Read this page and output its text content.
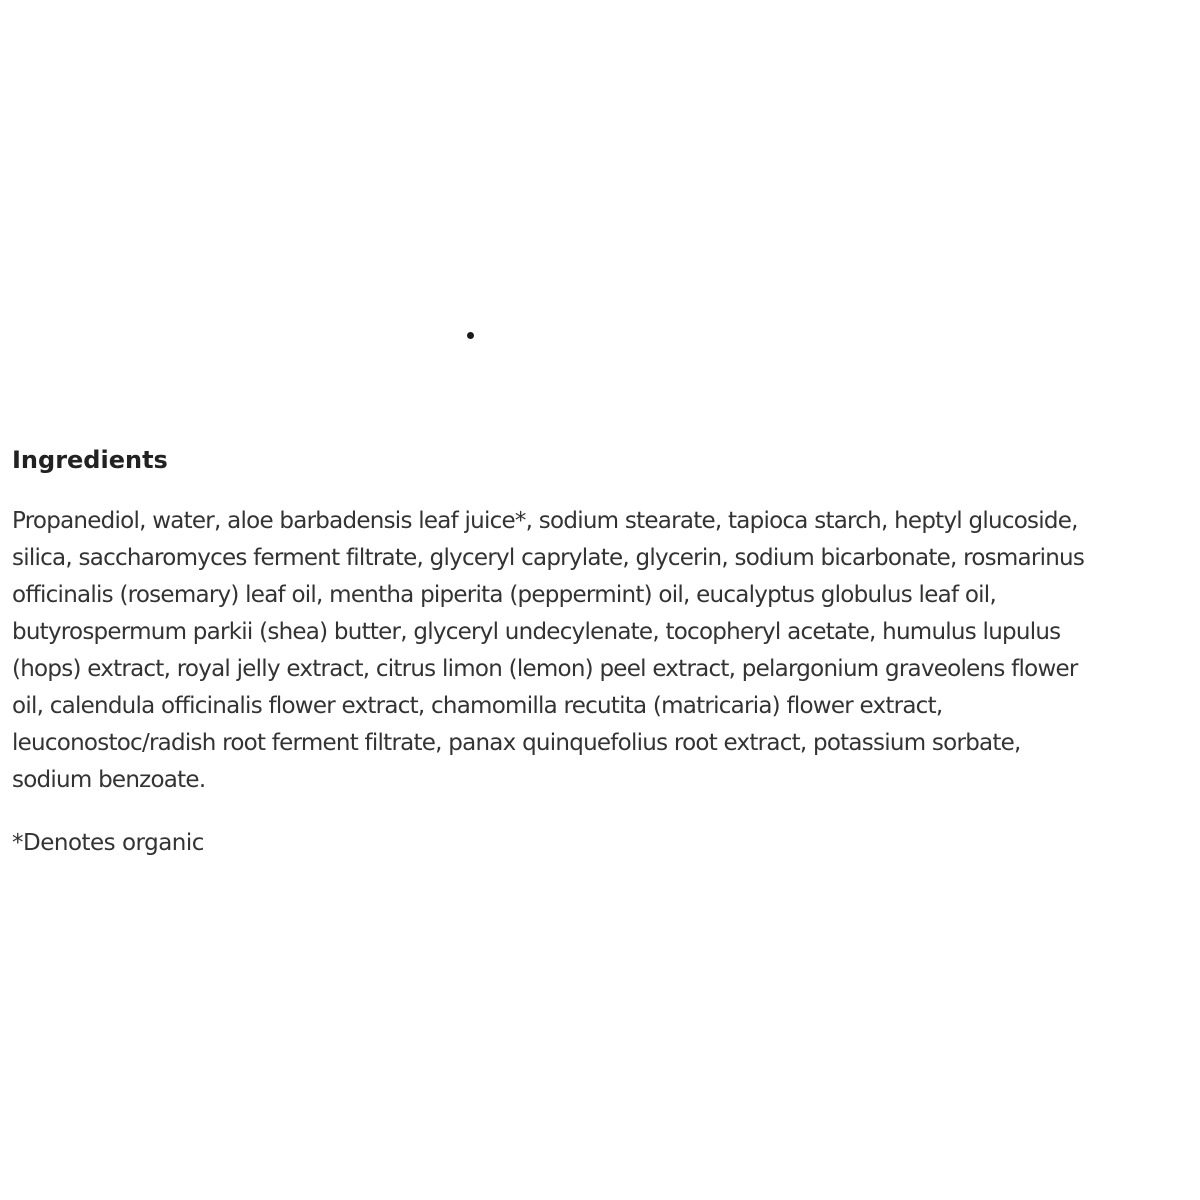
Ingredients

Propanediol, water, aloe barbadensis leaf juice*, sodium stearate, tapioca starch, heptyl glucoside,
silica, saccharomyces ferment filtrate, glyceryl caprylate, glycerin, sodium bicarbonate, rosmarinus
officinalis (rosemary) leaf oil, mentha piperita (peppermint) oil, eucalyptus globulus leaf oil,
butyrospermum parkii (shea) butter, glyceryl undecylenate, tocopheryl acetate, humulus lupulus
(hops) extract, royal jelly extract, citrus limon (lemon) peel extract, pelargonium graveolens flower
oil, calendula officinalis flower extract, chamomilla recutita (matricaria) flower extract,
leuconostoc/radish root ferment filtrate, panax quinquefolius root extract, potassium sorbate,
sodium benzoate.

*Denotes organic
